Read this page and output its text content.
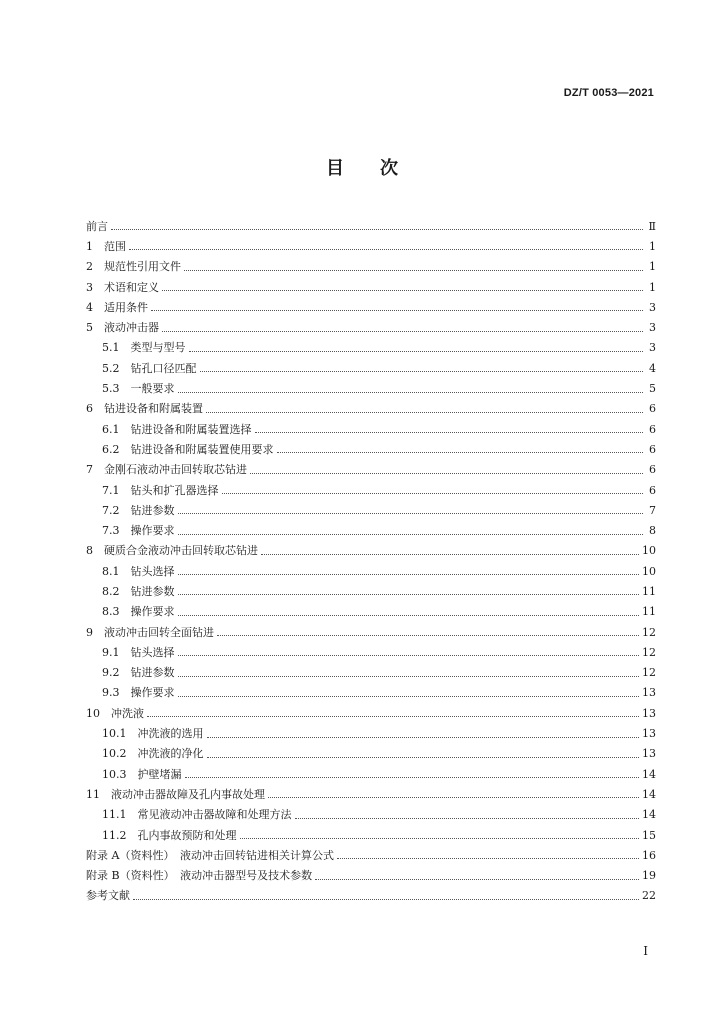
DZ/T 0053—2021
目　　次
前言	Ⅱ
1　范围	1
2　规范性引用文件	1
3　术语和定义	1
4　适用条件	3
5　液动冲击器	3
5.1　类型与型号	3
5.2　钻孔口径匹配	4
5.3　一般要求	5
6　钻进设备和附属装置	6
6.1　钻进设备和附属装置选择	6
6.2　钻进设备和附属装置使用要求	6
7　金刚石液动冲击回转取芯钻进	6
7.1　钻头和扩孔器选择	6
7.2　钻进参数	7
7.3　操作要求	8
8　硬质合金液动冲击回转取芯钻进	10
8.1　钻头选择	10
8.2　钻进参数	11
8.3　操作要求	11
9　液动冲击回转全面钻进	12
9.1　钻头选择	12
9.2　钻进参数	12
9.3　操作要求	13
10　冲洗液	13
10.1　冲洗液的选用	13
10.2　冲洗液的净化	13
10.3　护壁堵漏	14
11　液动冲击器故障及孔内事故处理	14
11.1　常见液动冲击器故障和处理方法	14
11.2　孔内事故预防和处理	15
附录 A（资料性）　液动冲击回转钻进相关计算公式	16
附录 B（资料性）　液动冲击器型号及技术参数	19
参考文献	22
I
